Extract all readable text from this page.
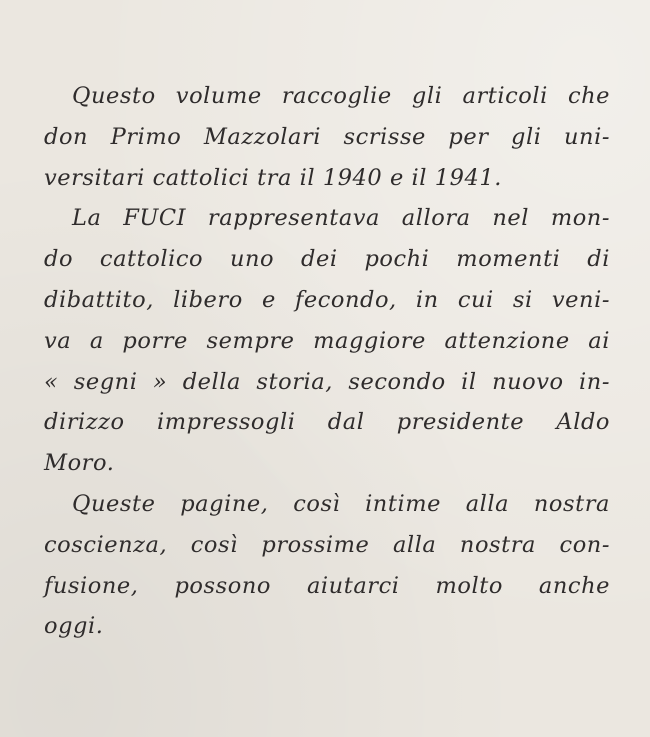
Questo volume raccoglie gli articoli che
don Primo Mazzolari scrisse per gli uni-
versitari cattolici tra il 1940 e il 1941.
La FUCI rappresentava allora nel mon-
do cattolico uno dei pochi momenti di
dibattito, libero e fecondo, in cui si veni-
va a porre sempre maggiore attenzione ai
« segni » della storia, secondo il nuovo in-
dirizzo impressogli dal presidente Aldo
Moro.
Queste pagine, così intime alla nostra
coscienza, così prossime alla nostra con-
fusione, possono aiutarci molto anche
oggi.
